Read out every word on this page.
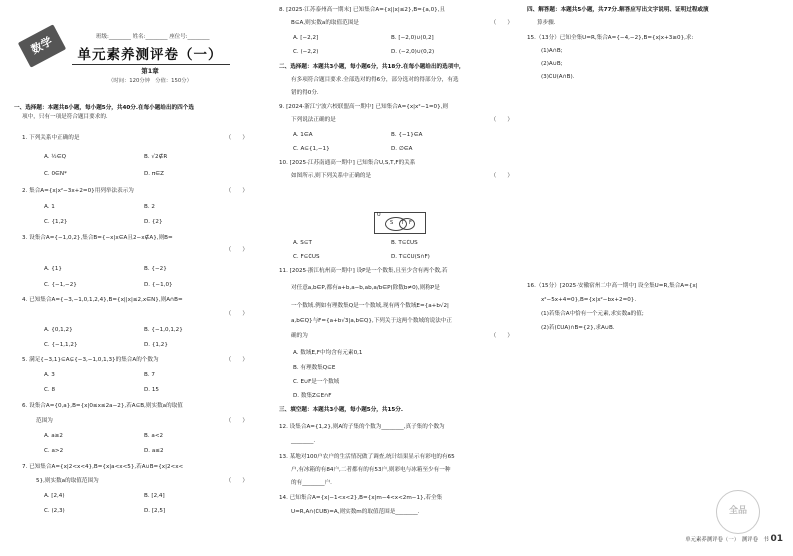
数学	班级:________ 姓名:________ 座位号:________
单元素养测评卷（一）
第1章
（时间：120分钟　分值：150分）
一、选择题：本题共8小题，每小题5分，共40分.在每小题给出的四个选
项中，只有一项是符合题目要求的.
1. 下列关系中正确的是	（　　）
A. ½∈Q	B. √2∉R
C. 0∈N*	D. π∈Z
2. 集合A={x|x²−3x+2=0}用列举法表示为	（　　）
A. 1	B. 2
C. {1,2}	D. {2}
3. 设集合A={−1,0,2},集合B={−x|x∈A且2−x∉A},则B=
（　　）
A. {1}	B. {−2}
C. {−1,−2}	D. {−1,0}
4. 已知集合A={−3,−1,0,1,2,4},B={x||x|≤2,x∈N},则A∩B=
（　　）
A. {0,1,2}	B. {−1,0,1,2}
C. {−1,1,2}	D. {1,2}
5. 满足{−3,1}⊆A⊊{−3,−1,0,1,3}的集合A的个数为	（　　）
A. 3	B. 7
C. 8	D. 15
6. 设集合A={0,a},B={x|0≤x≤2a−2},若A⊆B,则实数a的取值
范围为	（　　）
A. a≥2	B. a<2
C. a>2	D. a≤2
7. 已知集合A={x|2<x<4},B={x|a<x<5},若A∪B={x|2<x<
5},则实数a的取值范围为	（　　）
A. [2,4)	B. [2,4]
C. (2,3)	D. [2,5]
8. [2025·江苏泰州高一期末] 已知集合A={x||x|≤2},B={a,0},且
B⊆A,则实数a的取值范围是	（　　）
A. [−2,2]	B. [−2,0)∪(0,2]
C. (−2,2)	D. (−2,0)∪(0,2)
二、选择题：本题共3小题，每小题6分，共18分.在每小题给出的选项中，
有多项符合题目要求.全部选对的得6分，部分选对的得部分分，有选
错的得0分.
9. [2024·浙江宁波六校联盟高一期中] 已知集合A={x|x²−1=0},则
下列说法正确的是	（　　）
A. 1∈A	B. {−1}∈A
C. A⊆{1,−1}	D. ∅∈A
10. [2025·江苏南通高一期中] 已知集合U,S,T,F的关系
如图所示,则下列关系中正确的是	（　　）
U
S T F
A. S⊆T	B. T⊆∁US
C. F⊆∁US	D. T⊆∁U(S∩F)
11. [2025·浙江杭州高一期中] 设P是一个数集,且至少含有两个数,若
对任意a,b∈P,都有a+b,a−b,ab,a/b∈P(除数b≠0),则称P是
一个数域.例如有理数集Q是一个数域,现有两个数域E={a+b√2|
a,b∈Q}与F={a+b√3|a,b∈Q},下列关于这两个数域的说法中正
确的为	（　　）
A. 数域E,F中均含有元素0,1
B. 有理数集Q⊆E
C. E∪F是一个数域
D. 数集Z⊆E∩F
三、填空题：本题共3小题，每小题5分，共15分.
12. 设集合A={1,2},则A的子集的个数为________,真子集的个数为
________.
13. 某地对100户农户的生活情况做了调查,统计结果显示有彩电的有65
户,有冰箱的有84户,二者都有的有53户,则彩电与冰箱至少有一种
的有________户.
14. 已知集合A={x|−1<x<2},B={x|m−4<x<2m−1},若全集
U=R,A∩(∁UB)=A,则实数m的取值范围是________.
四、解答题：本题共5小题，共77分.解答应写出文字说明、证明过程或演
算步骤.
15.（13分）已知全集U=R,集合A={−4,−2},B={x|x+3≥0},求:
(1)A∩B;
(2)A∪B;
(3)∁U(A∩B).
16.（15分）[2025·安徽宿州二中高一期中] 设全集U=R,集合A={x|
x²−5x+4=0},B={x|x²−bx+2=0}.
(1)若集合A中恰有一个元素,求实数a的值;
(2)若(∁UA)∩B={2},求A∪B.
全品
单元素养测评卷（一）　测评卷　书 01
